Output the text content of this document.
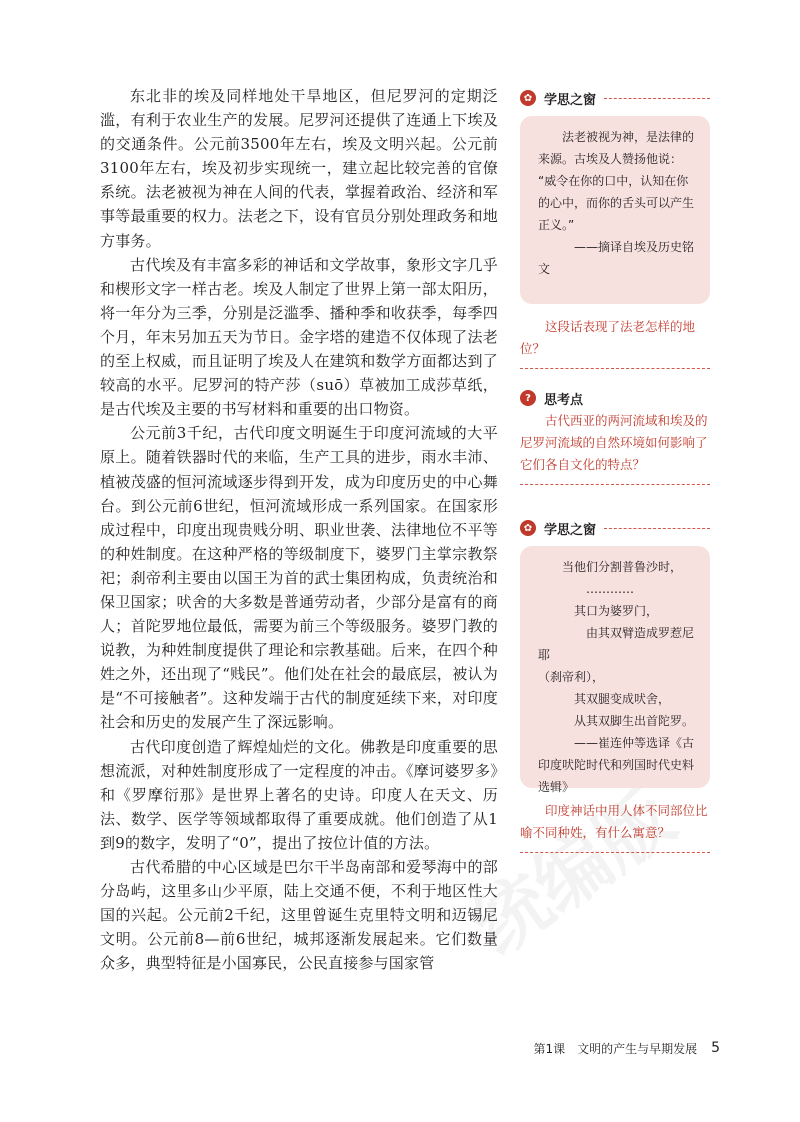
东北非的埃及同样地处干旱地区，但尼罗河的定期泛滥，有利于农业生产的发展。尼罗河还提供了连通上下埃及的交通条件。公元前3500年左右，埃及文明兴起。公元前3100年左右，埃及初步实现统一，建立起比较完善的官僚系统。法老被视为神在人间的代表，掌握着政治、经济和军事等最重要的权力。法老之下，设有官员分别处理政务和地方事务。

古代埃及有丰富多彩的神话和文学故事，象形文字几乎和楔形文字一样古老。埃及人制定了世界上第一部太阳历，将一年分为三季，分别是泛滥季、播种季和收获季，每季四个月，年末另加五天为节日。金字塔的建造不仅体现了法老的至上权威，而且证明了埃及人在建筑和数学方面都达到了较高的水平。尼罗河的特产莎（suō）草被加工成莎草纸，是古代埃及主要的书写材料和重要的出口物资。

公元前3千纪，古代印度文明诞生于印度河流域的大平原上。随着铁器时代的来临，生产工具的进步，雨水丰沛、植被茂盛的恒河流域逐步得到开发，成为印度历史的中心舞台。到公元前6世纪，恒河流域形成一系列国家。在国家形成过程中，印度出现贵贱分明、职业世袭、法律地位不平等的种姓制度。在这种严格的等级制度下，婆罗门主掌宗教祭祀；刹帝利主要由以国王为首的武士集团构成，负责统治和保卫国家；吠舍的大多数是普通劳动者，少部分是富有的商人；首陀罗地位最低，需要为前三个等级服务。婆罗门教的说教，为种姓制度提供了理论和宗教基础。后来，在四个种姓之外，还出现了“贱民”。他们处在社会的最底层，被认为是“不可接触者”。这种发端于古代的制度延续下来，对印度社会和历史的发展产生了深远影响。

古代印度创造了辉煌灿烂的文化。佛教是印度重要的思想流派，对种姓制度形成了一定程度的冲击。《摩诃婆罗多》和《罗摩衍那》是世界上著名的史诗。印度人在天文、历法、数学、医学等领域都取得了重要成就。他们创造了从1到9的数字，发明了“0”，提出了按位计值的方法。

古代希腊的中心区域是巴尔干半岛南部和爱琴海中的部分岛屿，这里多山少平原，陆上交通不便，不利于地区性大国的兴起。公元前2千纪，这里曾诞生克里特文明和迈锡尼文明。公元前8—前6世纪，城邦逐渐发展起来。它们数量众多，典型特征是小国寡民，公民直接参与国家管

✿ 学思之窗

法老被视为神，是法律的来源。古埃及人赞扬他说：

“威令在你的口中，认知在你的心中，而你的舌头可以产生正义。”

——摘译自埃及历史铭文

这段话表现了法老怎样的地位？

?	思考点

古代西亚的两河流域和埃及的尼罗河流域的自然环境如何影响了它们各自文化的特点？

✿ 学思之窗

当他们分割普鲁沙时，

…………

其口为婆罗门，

由其双臂造成罗惹尼耶

（刹帝利），

其双腿变成吠舍，

从其双脚生出首陀罗。

——崔连仲等选译《古印度吠陀时代和列国时代史料选辑》

印度神话中用人体不同部位比喻不同种姓，有什么寓意？

第1课　文明的产生与早期发展 5
